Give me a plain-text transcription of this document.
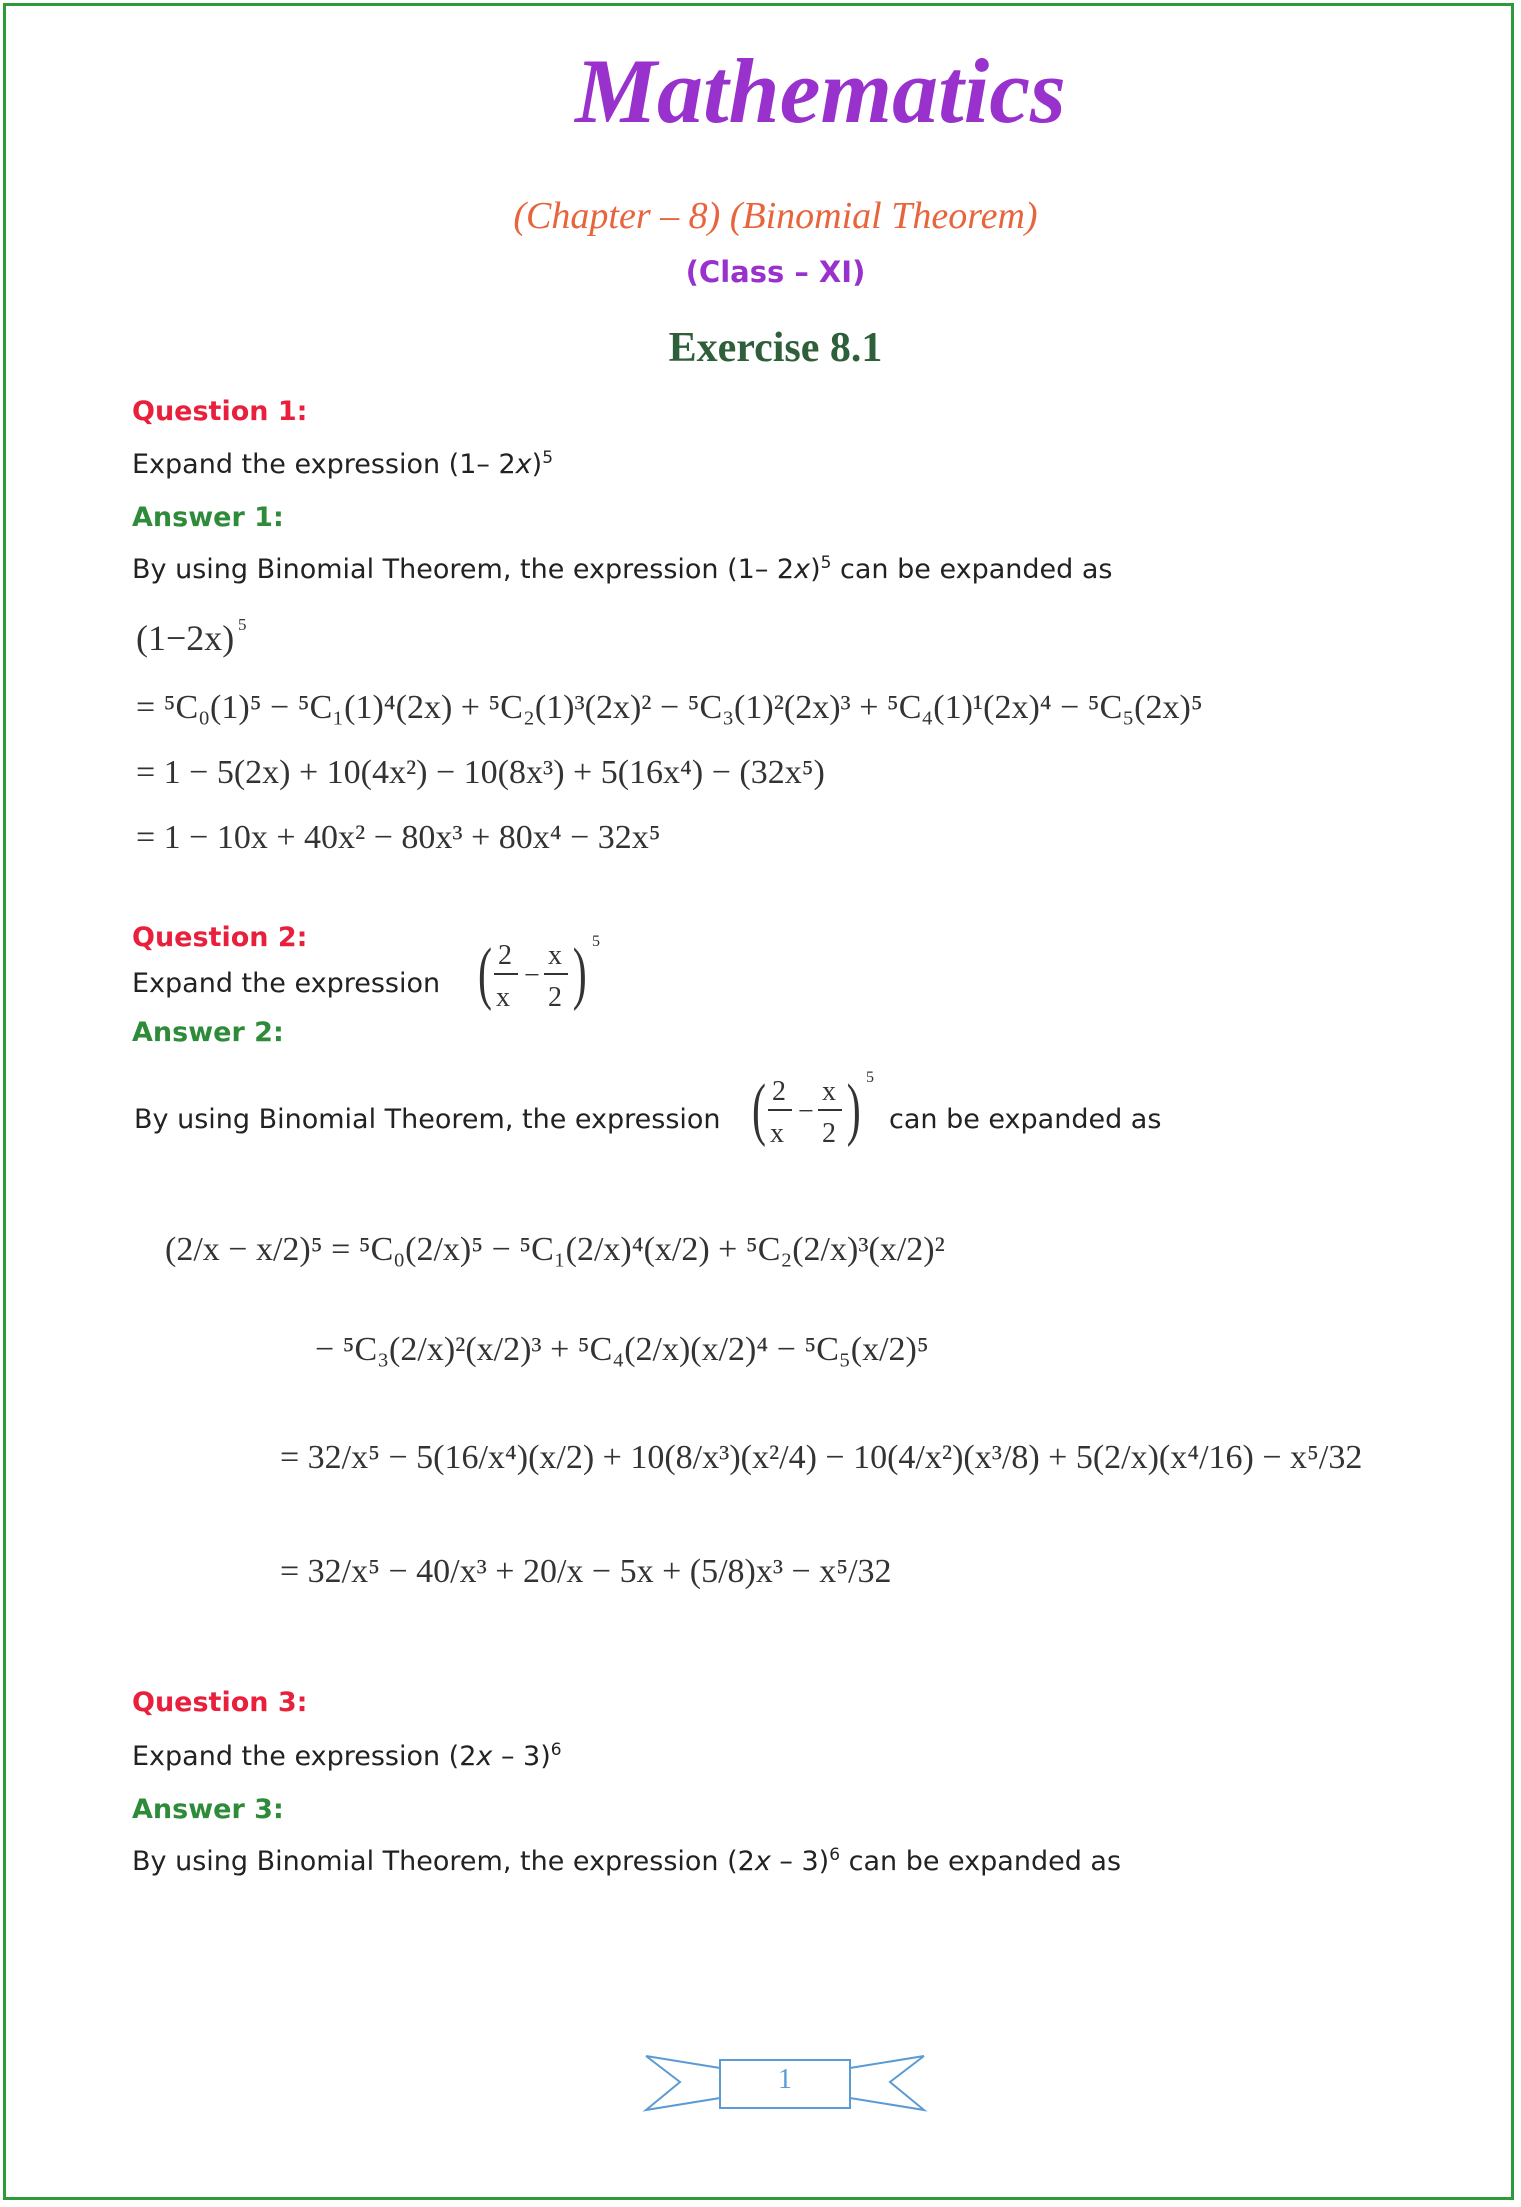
Mathematics
(Chapter – 8) (Binomial Theorem)
(Class – XI)
Exercise 8.1
Question 1:
Expand the expression (1– 2x)$^5$
Answer 1:
By using Binomial Theorem, the expression (1– 2x)$^5$ can be expanded as
(1−2x) 5
= ⁵C₀(1)⁵ − ⁵C₁(1)⁴(2x) + ⁵C₂(1)³(2x)² − ⁵C₃(1)²(2x)³ + ⁵C₄(1)¹(2x)⁴ − ⁵C₅(2x)⁵
= 1 − 5(2x) + 10(4x²) − 10(8x³) + 5(16x⁴) − (32x⁵)
= 1 − 10x + 40x² − 80x³ + 80x⁴ − 32x⁵
Question 2:
Expand the expression ( 2
x
−
x
2 ) 5
Answer 2:
By using Binomial Theorem, the expression ( 2
x
−
x
2 ) 5
can be expanded as
(2/x − x/2)⁵ = ⁵C₀(2/x)⁵ − ⁵C₁(2/x)⁴(x/2) + ⁵C₂(2/x)³(x/2)²
− ⁵C₃(2/x)²(x/2)³ + ⁵C₄(2/x)(x/2)⁴ − ⁵C₅(x/2)⁵
= 32/x⁵ − 5(16/x⁴)(x/2) + 10(8/x³)(x²/4) − 10(4/x²)(x³/8) + 5(2/x)(x⁴/16) − x⁵/32
= 32/x⁵ − 40/x³ + 20/x − 5x + (5/8)x³ − x⁵/32
Question 3:
Expand the expression (2x – 3)$^6$
Answer 3:
By using Binomial Theorem, the expression (2x – 3)$^6$ can be expanded as
1
